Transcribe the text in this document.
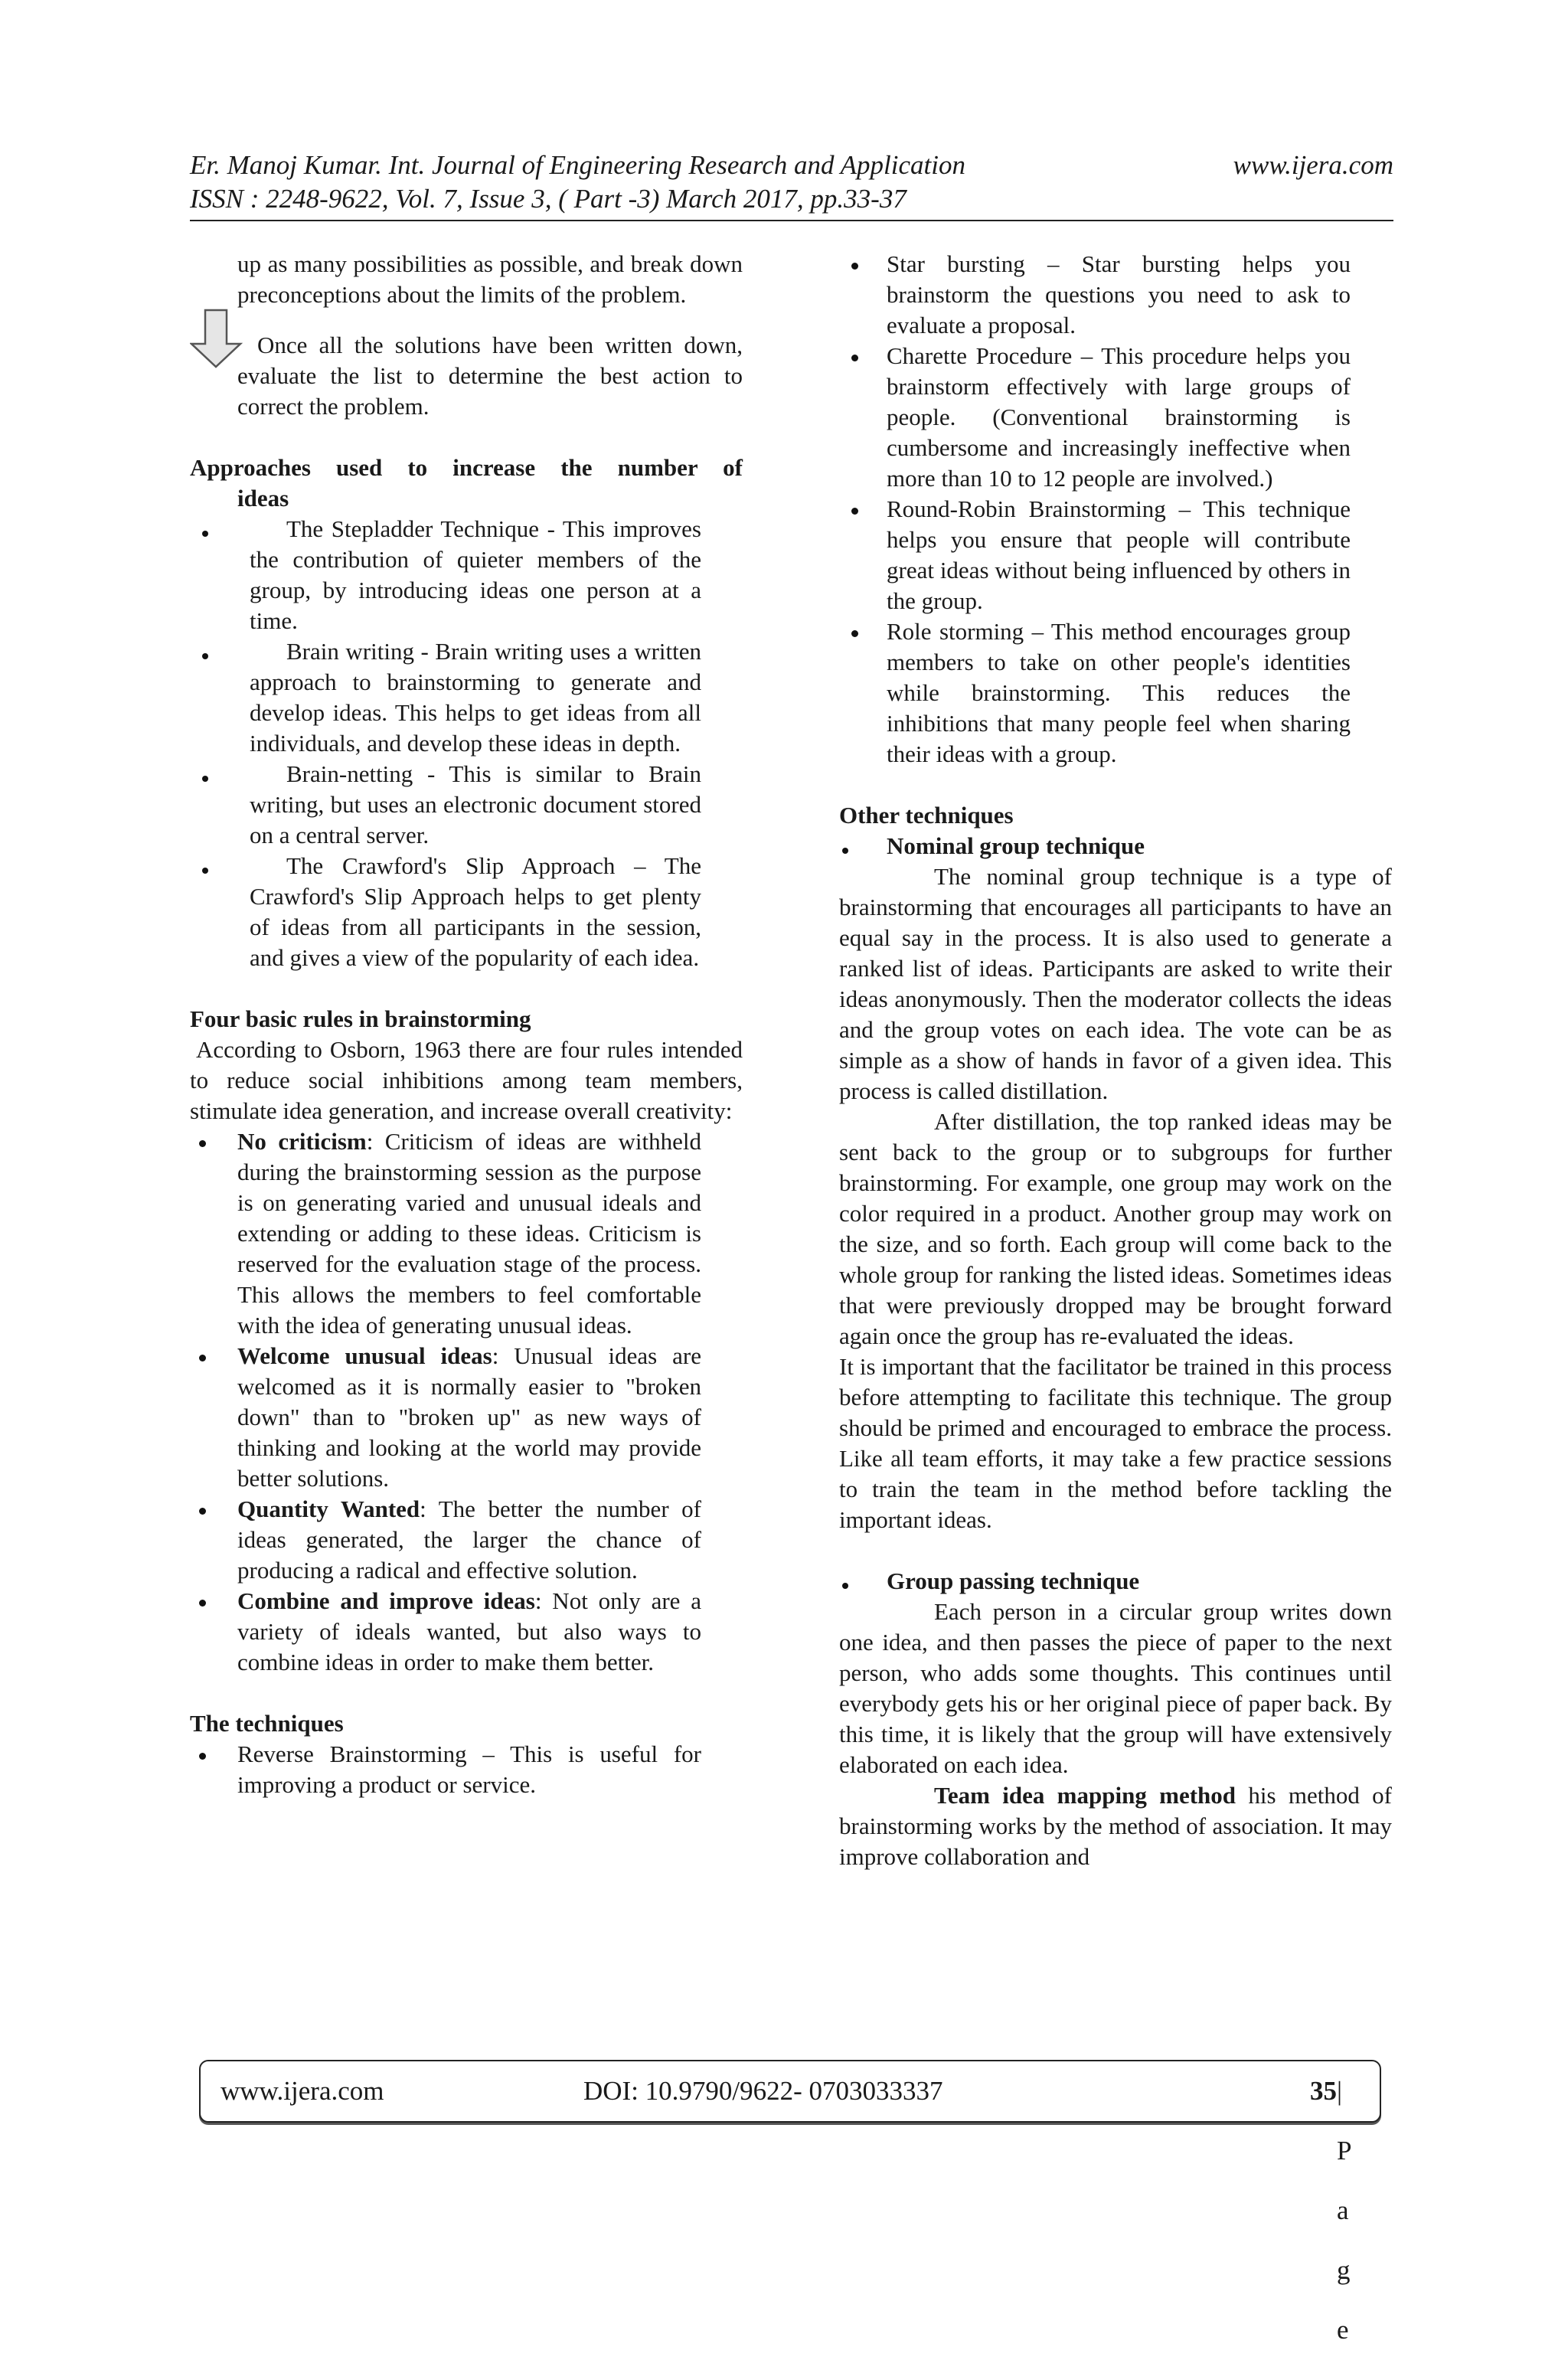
Er. Manoj Kumar. Int. Journal of Engineering Research and Application	www.ijera.com
ISSN : 2248-9622, Vol. 7, Issue 3, ( Part -3) March 2017, pp.33-37

up as many possibilities as possible, and break down preconceptions about the limits of the problem.

Once all the solutions have been written down, evaluate the list to determine the best action to correct the problem.

Approaches used to increase the number of

ideas

The Stepladder Technique - This improves the contribution of quieter members of the group, by introducing ideas one person at a time.
Brain writing - Brain writing uses a written approach to brainstorming to generate and develop ideas. This helps to get ideas from all individuals, and develop these ideas in depth.
Brain-netting - This is similar to Brain writing, but uses an electronic document stored on a central server.
The Crawford's Slip Approach – The Crawford's Slip Approach helps to get plenty of ideas from all participants in the session, and gives a view of the popularity of each idea.

Four basic rules in brainstorming

According to Osborn, 1963 there are four rules intended to reduce social inhibitions among team members, stimulate idea generation, and increase overall creativity:

No criticism: Criticism of ideas are withheld during the brainstorming session as the purpose is on generating varied and unusual ideals and extending or adding to these ideas. Criticism is reserved for the evaluation stage of the process. This allows the members to feel comfortable with the idea of generating unusual ideas.
Welcome unusual ideas: Unusual ideas are welcomed as it is normally easier to "broken down" than to "broken up" as new ways of thinking and looking at the world may provide better solutions.
Quantity Wanted: The better the number of ideas generated, the larger the chance of producing a radical and effective solution.
Combine and improve ideas: Not only are a variety of ideals wanted, but also ways to combine ideas in order to make them better.

The techniques

Reverse Brainstorming – This is useful for improving a product or service.
Star bursting – Star bursting helps you brainstorm the questions you need to ask to evaluate a proposal.
Charette Procedure – This procedure helps you brainstorm effectively with large groups of people. (Conventional brainstorming is cumbersome and increasingly ineffective when more than 10 to 12 people are involved.)
Round-Robin Brainstorming – This technique helps you ensure that people will contribute great ideas without being influenced by others in the group.
Role storming – This method encourages group members to take on other people's identities while brainstorming. This reduces the inhibitions that many people feel when sharing their ideas with a group.

Other techniques

Nominal group technique

The nominal group technique is a type of brainstorming that encourages all participants to have an equal say in the process. It is also used to generate a ranked list of ideas. Participants are asked to write their ideas anonymously. Then the moderator collects the ideas and the group votes on each idea. The vote can be as simple as a show of hands in favor of a given idea. This process is called distillation.

After distillation, the top ranked ideas may be sent back to the group or to subgroups for further brainstorming. For example, one group may work on the color required in a product. Another group may work on the size, and so forth. Each group will come back to the whole group for ranking the listed ideas. Sometimes ideas that were previously dropped may be brought forward again once the group has re-evaluated the ideas.

It is important that the facilitator be trained in this process before attempting to facilitate this technique. The group should be primed and encouraged to embrace the process. Like all team efforts, it may take a few practice sessions to train the team in the method before tackling the important ideas.

Group passing technique

Each person in a circular group writes down one idea, and then passes the piece of paper to the next person, who adds some thoughts. This continues until everybody gets his or her original piece of paper back. By this time, it is likely that the group will have extensively elaborated on each idea.

Team idea mapping method his method of brainstorming works by the method of association. It may improve collaboration and

www.ijera.com	DOI: 10.9790/9622- 0703033337	35 | P a g e
